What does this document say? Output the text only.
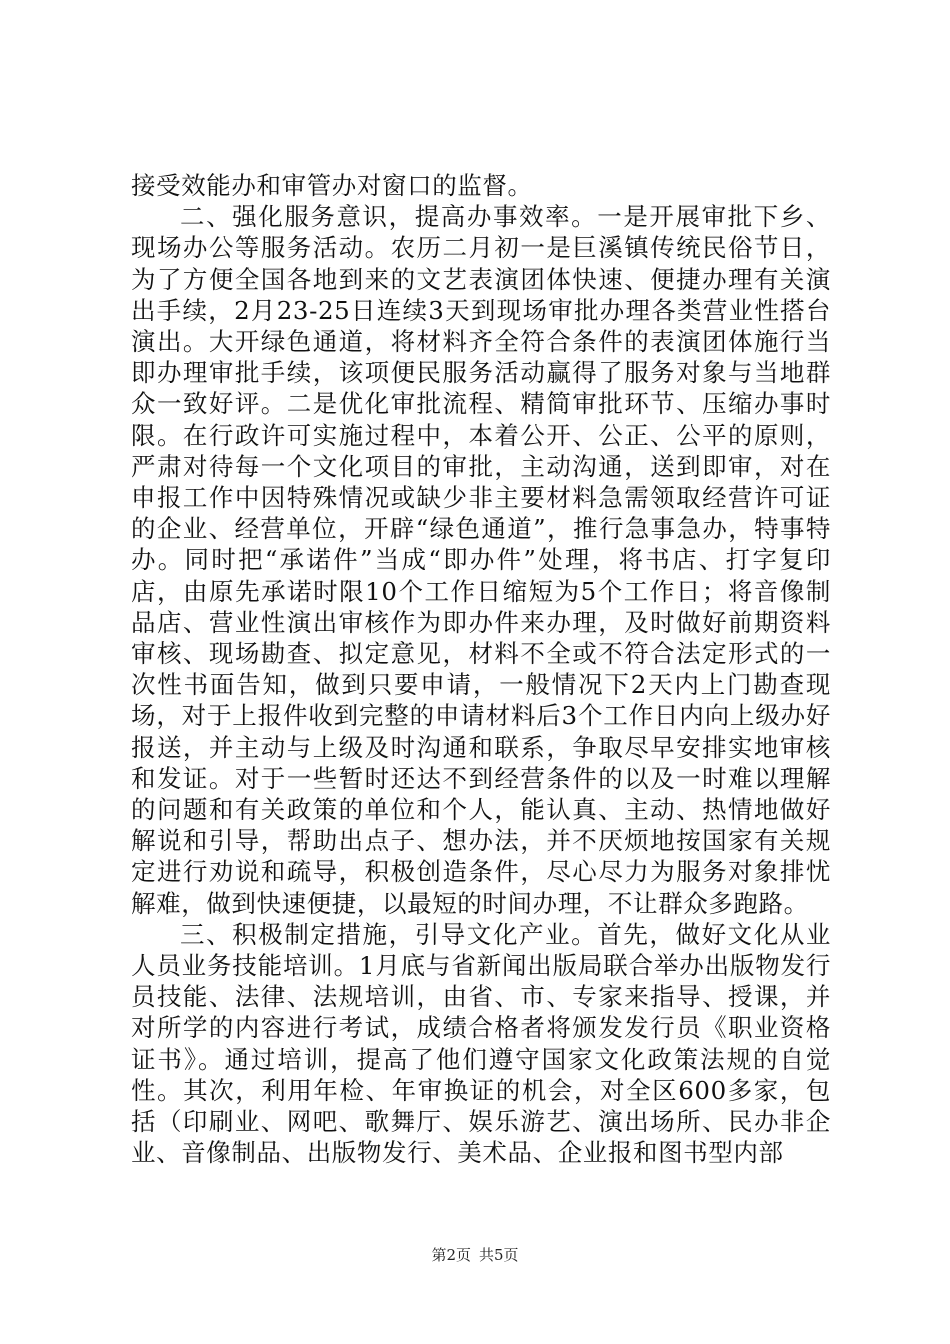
接受效能办和审管办对窗口的监督。

二、强化服务意识，提高办事效率。一是开展审批下乡、现场办公等服务活动。农历二月初一是巨溪镇传统民俗节日，为了方便全国各地到来的文艺表演团体快速、便捷办理有关演出手续，2月23-25日连续3天到现场审批办理各类营业性搭台演出。大开绿色通道，将材料齐全符合条件的表演团体施行当即办理审批手续，该项便民服务活动赢得了服务对象与当地群众一致好评。二是优化审批流程、精简审批环节、压缩办事时限。在行政许可实施过程中，本着公开、公正、公平的原则，严肃对待每一个文化项目的审批，主动沟通，送到即审，对在申报工作中因特殊情况或缺少非主要材料急需领取经营许可证的企业、经营单位，开辟“绿色通道”，推行急事急办，特事特办。同时把“承诺件”当成“即办件”处理，将书店、打字复印店，由原先承诺时限10个工作日缩短为5个工作日；将音像制品店、营业性演出审核作为即办件来办理，及时做好前期资料审核、现场勘查、拟定意见，材料不全或不符合法定形式的一次性书面告知，做到只要申请，一般情况下2天内上门勘查现场，对于上报件收到完整的申请材料后3个工作日内向上级办好报送，并主动与上级及时沟通和联系，争取尽早安排实地审核和发证。对于一些暂时还达不到经营条件的以及一时难以理解的问题和有关政策的单位和个人，能认真、主动、热情地做好解说和引导，帮助出点子、想办法，并不厌烦地按国家有关规定进行劝说和疏导，积极创造条件，尽心尽力为服务对象排忧解难，做到快速便捷，以最短的时间办理，不让群众多跑路。

三、积极制定措施，引导文化产业。首先，做好文化从业人员业务技能培训。1月底与省新闻出版局联合举办出版物发行员技能、法律、法规培训，由省、市、专家来指导、授课，并对所学的内容进行考试，成绩合格者将颁发发行员《职业资格证书》。通过培训，提高了他们遵守国家文化政策法规的自觉性。其次，利用年检、年审换证的机会，对全区600多家，包括（印刷业、网吧、歌舞厅、娱乐游艺、演出场所、民办非企业、音像制品、出版物发行、美术品、企业报和图书型内部

第2页 共5页
